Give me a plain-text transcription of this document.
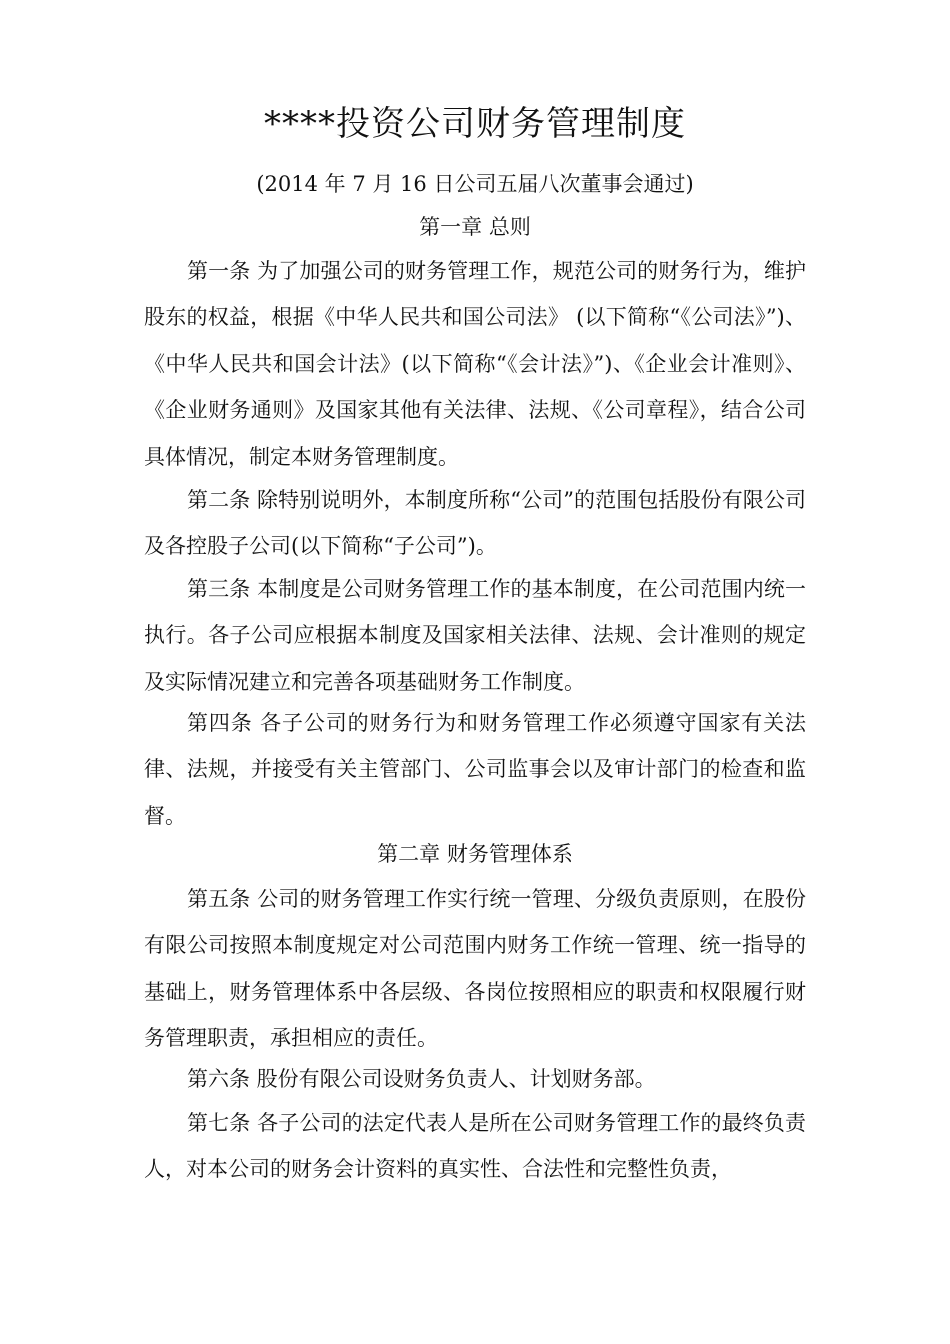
****投资公司财务管理制度

(2014 年 7 月 16 日公司五届八次董事会通过)

第一章 总则

第一条 为了加强公司的财务管理工作，规范公司的财务行为，维护股东的权益，根据《中华人民共和国公司法》 (以下简称“《公司法》”)、《中华人民共和国会计法》(以下简称“《会计法》”)、《企业会计准则》、《企业财务通则》及国家其他有关法律、法规、《公司章程》，结合公司具体情况，制定本财务管理制度。

第二条 除特别说明外，本制度所称“公司”的范围包括股份有限公司及各控股子公司(以下简称“子公司”)。

第三条 本制度是公司财务管理工作的基本制度，在公司范围内统一执行。各子公司应根据本制度及国家相关法律、法规、会计准则的规定及实际情况建立和完善各项基础财务工作制度。

第四条 各子公司的财务行为和财务管理工作必须遵守国家有关法律、法规，并接受有关主管部门、公司监事会以及审计部门的检查和监督。

第二章 财务管理体系

第五条 公司的财务管理工作实行统一管理、分级负责原则，在股份有限公司按照本制度规定对公司范围内财务工作统一管理、统一指导的基础上，财务管理体系中各层级、各岗位按照相应的职责和权限履行财务管理职责，承担相应的责任。

第六条 股份有限公司设财务负责人、计划财务部。

第七条 各子公司的法定代表人是所在公司财务管理工作的最终负责人，对本公司的财务会计资料的真实性、合法性和完整性负责，
